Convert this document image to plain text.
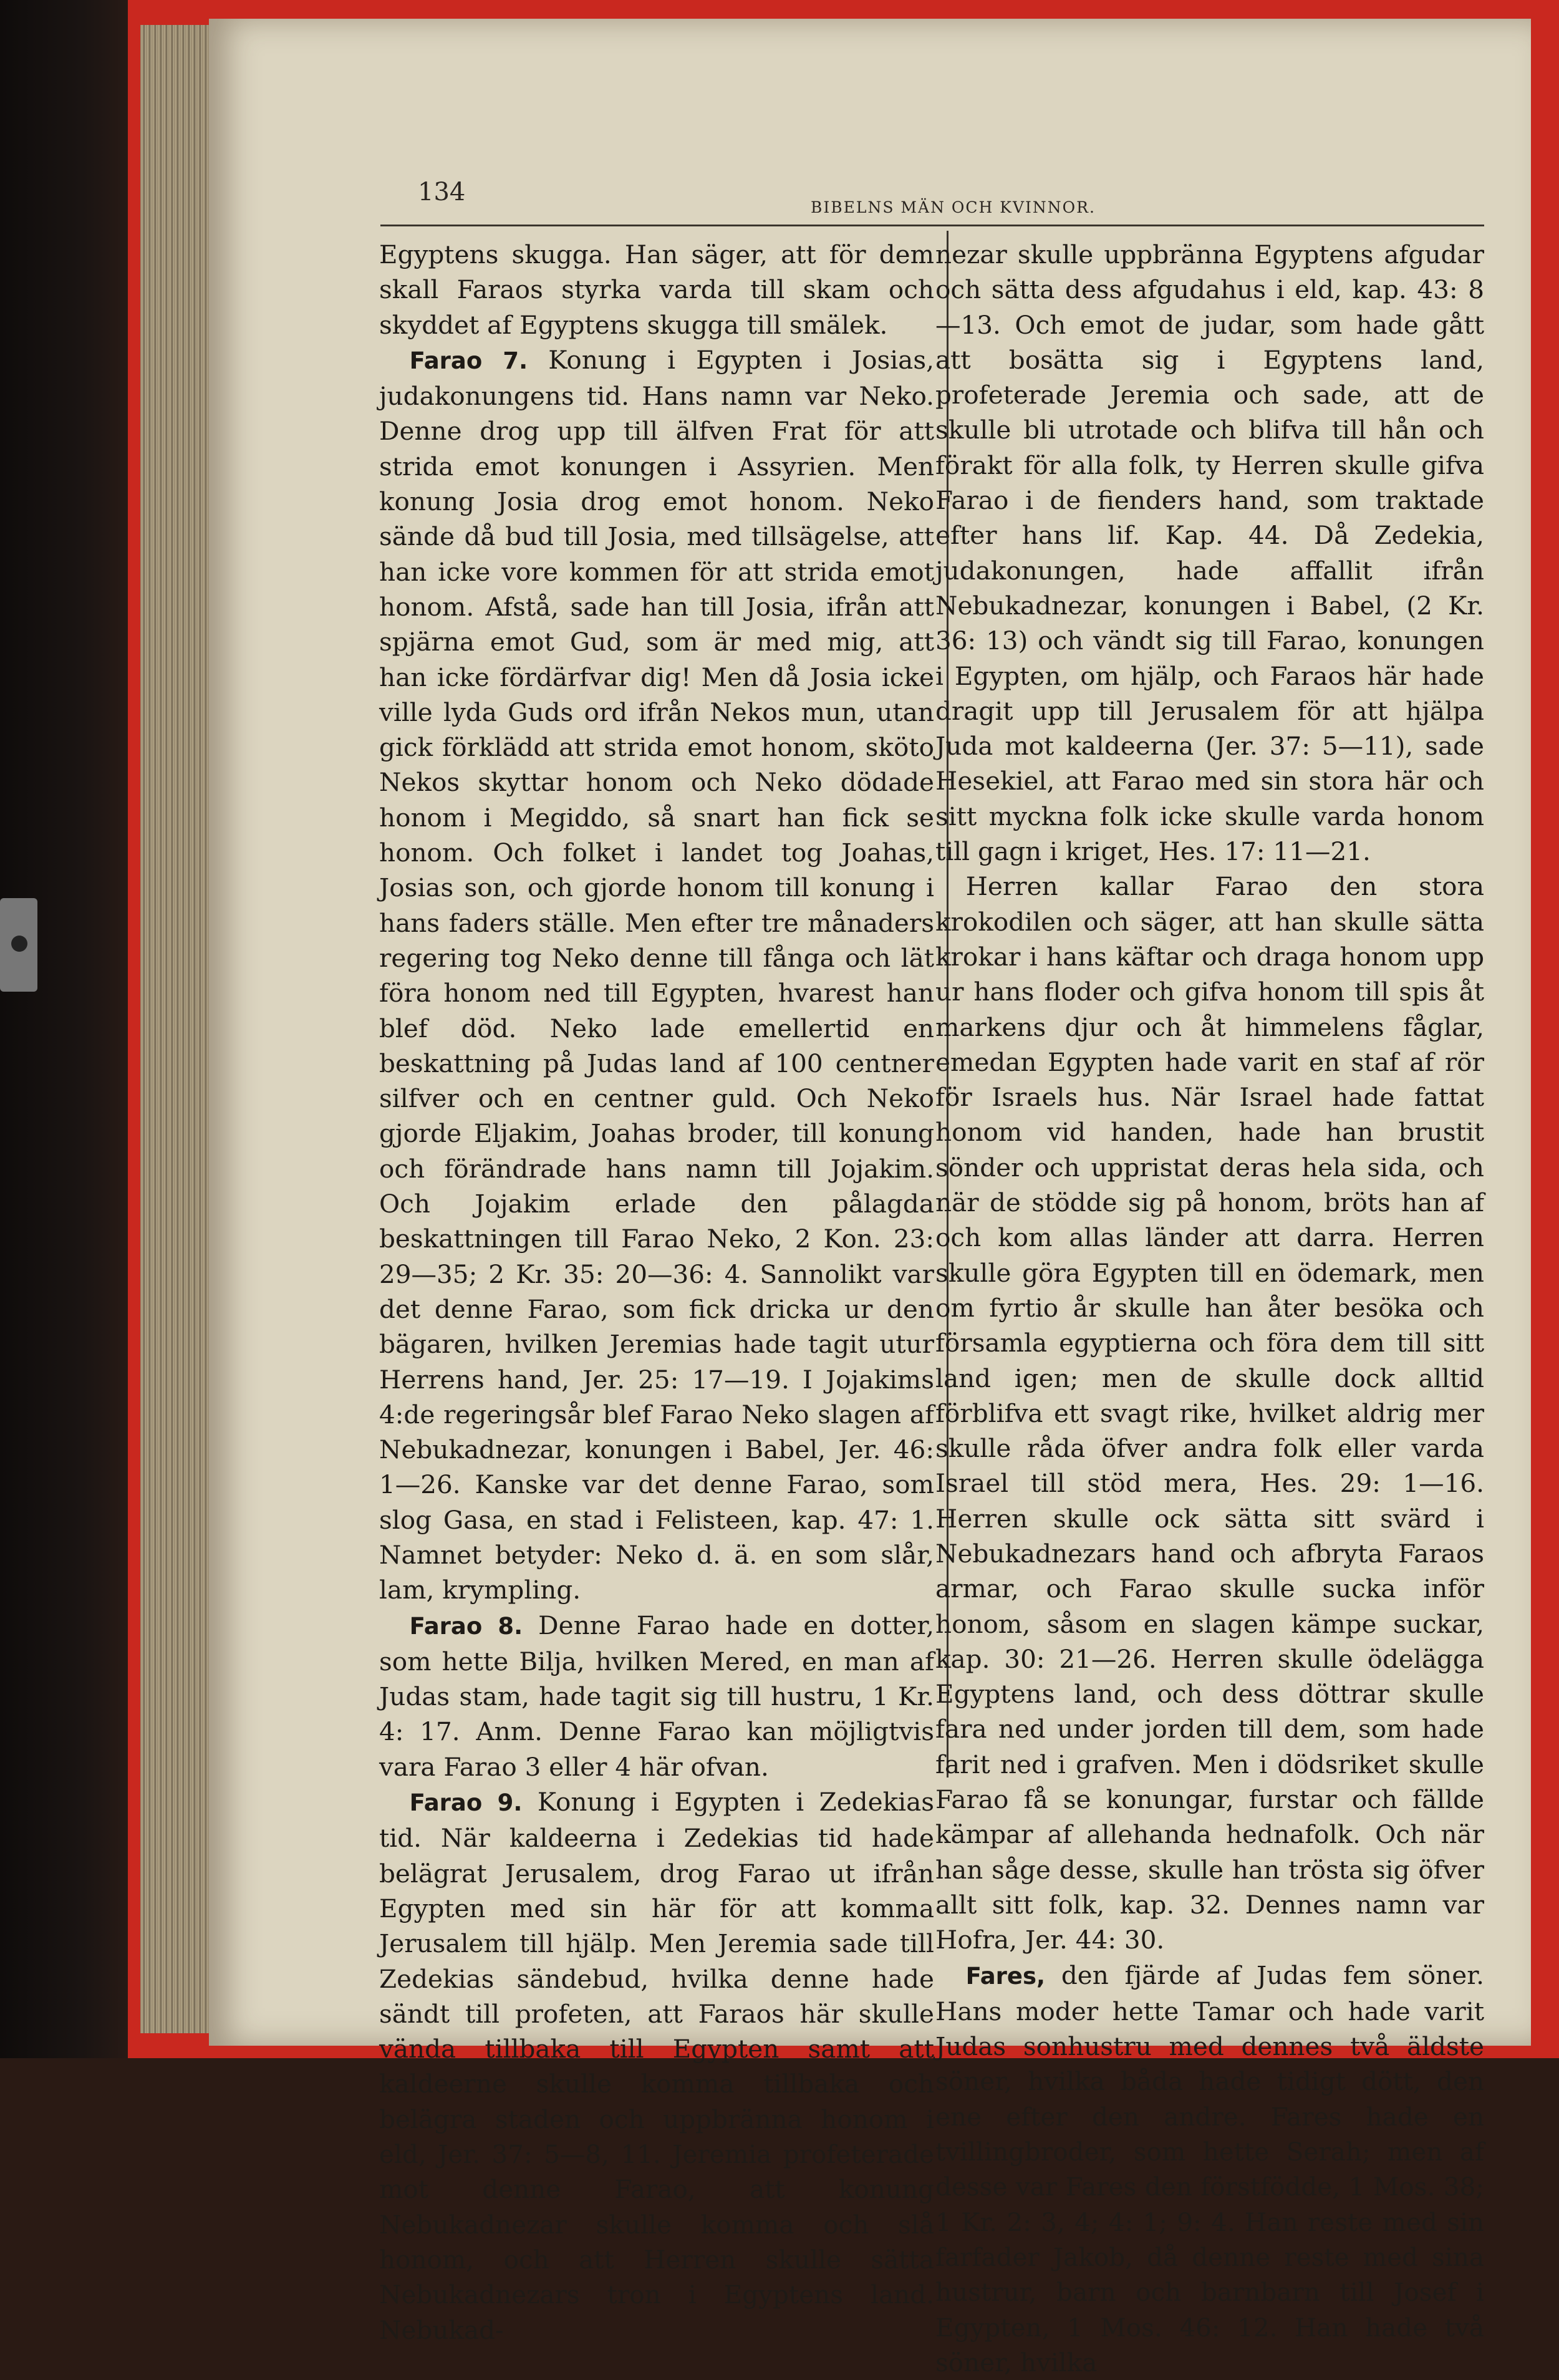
134
BIBELNS MÄN OCH KVINNOR.

Egyptens skugga. Han säger, att för dem skall Faraos styrka varda till skam och skyddet af Egyptens skugga till smälek.

Farao 7. Konung i Egypten i Josias, judakonungens tid. Hans namn var Neko. Denne drog upp till älfven Frat för att strida emot konungen i Assyrien. Men konung Josia drog emot honom. Neko sände då bud till Josia, med tillsägelse, att han icke vore kommen för att strida emot honom. Afstå, sade han till Josia, ifrån att spjärna emot Gud, som är med mig, att han icke fördärfvar dig! Men då Josia icke ville lyda Guds ord ifrån Nekos mun, utan gick förklädd att strida emot honom, sköto Nekos skyttar honom och Neko dödade honom i Megiddo, så snart han fick se honom. Och folket i landet tog Joahas, Josias son, och gjorde honom till konung i hans faders ställe. Men efter tre månaders regering tog Neko denne till fånga och lät föra honom ned till Egypten, hvarest han blef död. Neko lade emellertid en beskattning på Judas land af 100 centner silfver och en centner guld. Och Neko gjorde Eljakim, Joahas broder, till konung och förändrade hans namn till Jojakim. Och Jojakim erlade den pålagda beskattningen till Farao Neko, 2 Kon. 23: 29—35; 2 Kr. 35: 20—36: 4. Sannolikt var det denne Farao, som fick dricka ur den bägaren, hvilken Jeremias hade tagit utur Herrens hand, Jer. 25: 17—19. I Jojakims 4:de regeringsår blef Farao Neko slagen af Nebukadnezar, konungen i Babel, Jer. 46: 1—26. Kanske var det denne Farao, som slog Gasa, en stad i Felisteen, kap. 47: 1. Namnet betyder: Neko d. ä. en som slår, lam, krympling.

Farao 8. Denne Farao hade en dotter, som hette Bilja, hvilken Mered, en man af Judas stam, hade tagit sig till hustru, 1 Kr. 4: 17. Anm. Denne Farao kan möjligtvis vara Farao 3 eller 4 här ofvan.

Farao 9. Konung i Egypten i Zedekias tid. När kaldeerna i Zedekias tid hade belägrat Jerusalem, drog Farao ut ifrån Egypten med sin här för att komma Jerusalem till hjälp. Men Jeremia sade till Zedekias sändebud, hvilka denne hade sändt till profeten, att Faraos här skulle vända tillbaka till Egypten samt att kaldeerne skulle komma tillbaka och belägra staden och uppbränna honom i eld, Jer. 37: 5—8, 11. Jeremia profeterade mot denne Farao, att konung Nebukadnezar skulle komma och slå honom, och att Herren skulle sätta Nebukadnezars tron i Egyptens land. Nebukad-

nezar skulle uppbränna Egyptens afgudar och sätta dess afgudahus i eld, kap. 43: 8—13. Och emot de judar, som hade gått att bosätta sig i Egyptens land, profeterade Jeremia och sade, att de skulle bli utrotade och blifva till hån och förakt för alla folk, ty Herren skulle gifva Farao i de fienders hand, som traktade efter hans lif. Kap. 44. Då Zedekia, judakonungen, hade affallit ifrån Nebukadnezar, konungen i Babel, (2 Kr. 36: 13) och vändt sig till Farao, konungen i Egypten, om hjälp, och Faraos här hade dragit upp till Jerusalem för att hjälpa Juda mot kaldeerna (Jer. 37: 5—11), sade Hesekiel, att Farao med sin stora här och sitt myckna folk icke skulle varda honom till gagn i kriget, Hes. 17: 11—21.

Herren kallar Farao den stora krokodilen och säger, att han skulle sätta krokar i hans käftar och draga honom upp ur hans floder och gifva honom till spis åt markens djur och åt himmelens fåglar, emedan Egypten hade varit en staf af rör för Israels hus. När Israel hade fattat honom vid handen, hade han brustit sönder och uppristat deras hela sida, och när de stödde sig på honom, bröts han af och kom allas länder att darra. Herren skulle göra Egypten till en ödemark, men om fyrtio år skulle han åter besöka och församla egyptierna och föra dem till sitt land igen; men de skulle dock alltid förblifva ett svagt rike, hvilket aldrig mer skulle råda öfver andra folk eller varda Israel till stöd mera, Hes. 29: 1—16. Herren skulle ock sätta sitt svärd i Nebukadnezars hand och afbryta Faraos armar, och Farao skulle sucka inför honom, såsom en slagen kämpe suckar, kap. 30: 21—26. Herren skulle ödelägga Egyptens land, och dess döttrar skulle fara ned under jorden till dem, som hade farit ned i grafven. Men i dödsriket skulle Farao få se konungar, furstar och fällde kämpar af allehanda hednafolk. Och när han såge desse, skulle han trösta sig öfver allt sitt folk, kap. 32. Dennes namn var Hofra, Jer. 44: 30.

Fares, den fjärde af Judas fem söner. Hans moder hette Tamar och hade varit Judas sonhustru med dennes två äldste söner, hvilka båda hade tidigt dött, den ene efter den andre. Fares hade en tvillingbroder, som hette Serah; men af desse var Fares den förstfödde, 1 Mos. 38; 1 Kr. 2: 3, 4; 4: 1; 9: 4. Han reste med sin farfader Jakob, då denne reste med sina hustrur, barn och barnbarn till Josef i Egypten, 1 Mos. 46: 12. Han hade två söner, hvilka
